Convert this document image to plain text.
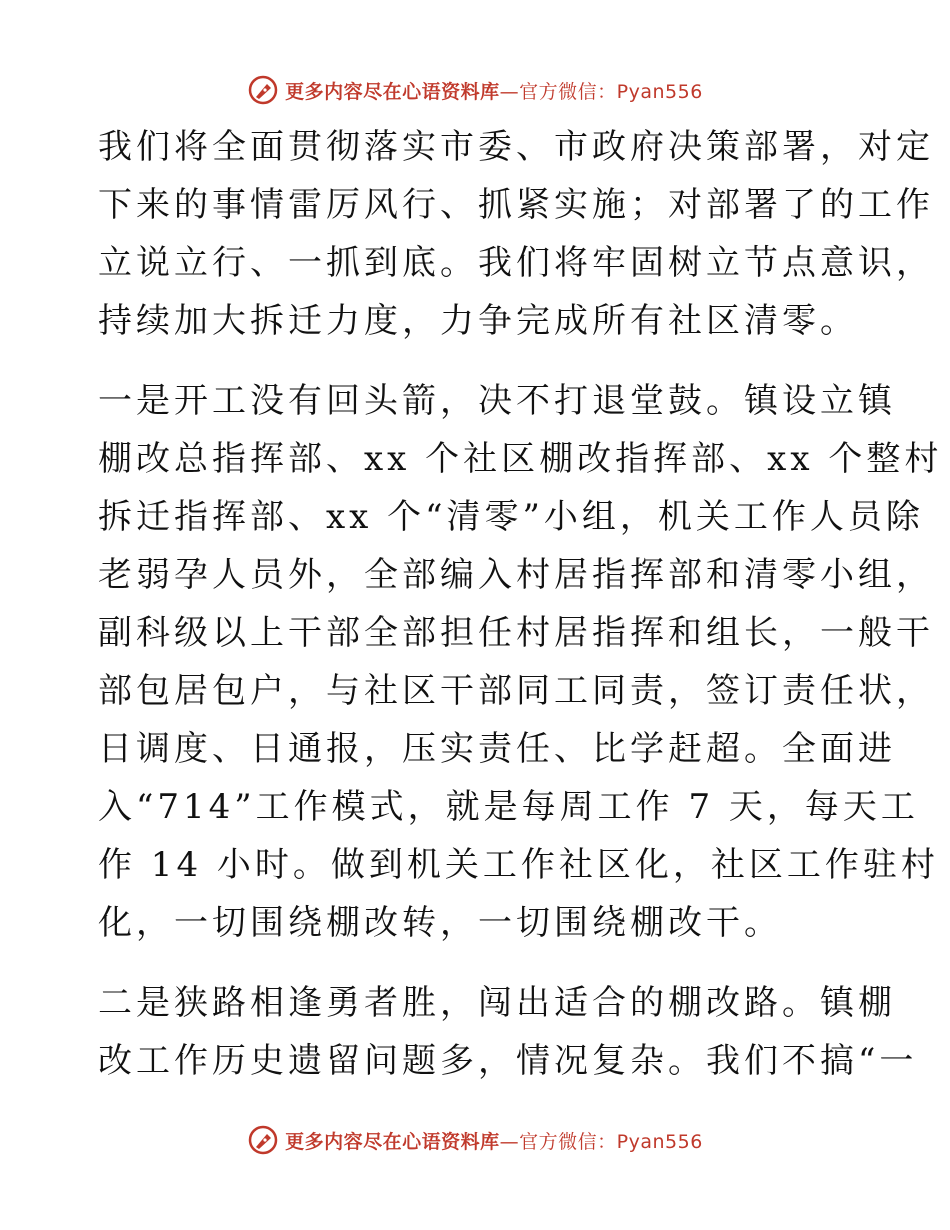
更多内容尽在心语资料库—官方微信：Pyan556
我们将全面贯彻落实市委、市政府决策部署，对定
下来的事情雷厉风行、抓紧实施；对部署了的工作
立说立行、一抓到底。我们将牢固树立节点意识，
持续加大拆迁力度，力争完成所有社区清零。
一是开工没有回头箭，决不打退堂鼓。镇设立镇
棚改总指挥部、xx 个社区棚改指挥部、xx 个整村
拆迁指挥部、xx 个“清零”小组，机关工作人员除
老弱孕人员外，全部编入村居指挥部和清零小组，
副科级以上干部全部担任村居指挥和组长，一般干
部包居包户，与社区干部同工同责，签订责任状，
日调度、日通报，压实责任、比学赶超。全面进
入“714”工作模式，就是每周工作 7 天，每天工
作 14 小时。做到机关工作社区化，社区工作驻村
化，一切围绕棚改转，一切围绕棚改干。
二是狭路相逢勇者胜，闯出适合的棚改路。镇棚
改工作历史遗留问题多，情况复杂。我们不搞“一
更多内容尽在心语资料库—官方微信：Pyan556
